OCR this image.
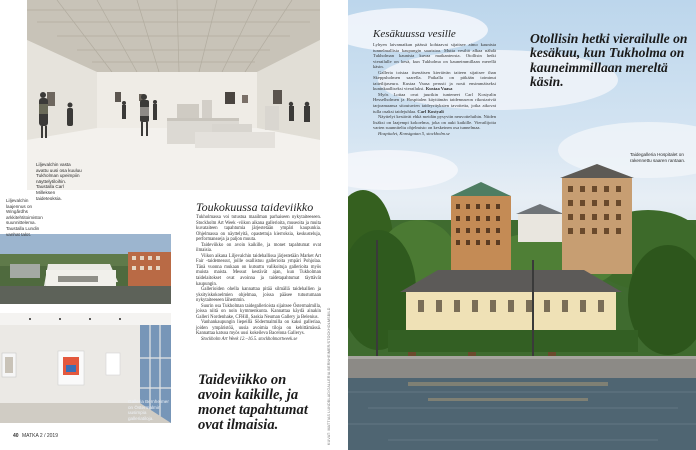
Liljevalchin vasta avattu uusi osa kuuluu Tukholman upeimpiin näyttelytiloihin. Taustalla Carl Milleksen taideteoksia.
Liljevalchin laajennus on Wingårdhs arkkitehtitoimiston suunnittelema. Taustalla Lundin vanhat talot.
Galleria Bernheimer on Östermalmin uusimpia galleriatiloja.
Toukokuussa taideviikko

Tukholmassa voi tutustua maailman parhaiseen nykytaiteeseen. Stockholm Art Week -viikon aikana gallerioita, museoita ja muita kuvataiteen tapahtumia järjestetään ympäri kaupunkia. Ohjelmassa on näyttelyitä, opastettuja kierroksia, keskusteluja, performansseja ja paljon muuta.

Taideviikko on avoin kaikille, ja monet tapahtumat ovat ilmaisia.

Viikon aikana Liljevalchin taidehallissa järjestetään Market Art Fair -taidemessut, joille osallistuu gallerioita ympäri Pohjolaa. Tänä vuonna mukaan on kutsuttu valikoituja gallerioita myös muista maista. Messut kestävät ajan, kun Tukholman taidelaitokset ovat avoinna ja taidetapahtumat täyttävät kaupungin.

Gallerioiden ohella kannattaa pitää silmällä taidehallien ja yksityiskokoelmien ohjelmaa, joissa pääsee tutustumaan nykytaiteeseen lähemmin.

Suurin osa Tukholman taidegallerioista sijaitsee Östermalmilla, joissa niitä on noin kymmenkunta. Kannattaa käydä ainakin Galleri Nordenhake, CFHill, Saskia Neuman Gallery ja Belenius.

Vanhankaupungin liepeillä Södermalmilla on kaksi galleriaa, joiden ympäristöä, uusia avoimia tiloja on kehittämässä. Kannattaa katsoa myös uusi kokeileva Bacelona Gallerys.

Stockholm Art Week 12.–16.5. stockholmartweek.se

Taideviikko on avoin kaikille, ja monet tapahtumat ovat ilmaisia.
40 MATKA 2 / 2019	KUVAT: MATTIAS LUNDBLAD/GALLERIA BERNHEIMER/STOCKHOLMSBILD
Kesäkuussa vesille

Lyhyen laivamatkan päässä kohtaavat sijaitsee aimo kaunista tunnelmallisia kaupungin saaristoa. Mutta vesiltä alkaa nähdä Tukholman kaunista kuvaa matkanteosta. Otollisin hetki vierailulle on kesä, kun Tukholma on kauneimmillaan merellä käsin.

Galleria toistaa itsenäisen kiertävän taiteen sijaitsee ihan Skeppsholmen saarella. Paikalla on pitkään toiminut taiteilijaseura. Kustaa Vaasa perusti ja nosti ensimmäiseksi kuninkaalliseksi vierailuksi. Kustaa Vaasa

Myös Lottaa ovat juurikin tunteneet Carl Kostyalin Hesselholmen ja Hospitalen käyttämän taidemuseon rikostariviä tarjoamaansa sitoutuvien taideyrityksien tavoitetta, jotka aikovat tulla osaksi taidejuhlaa. Carl Kostyali

Näyttelyt kestävät ehkä meidän pysyviin neuvotteluihin. Niiden lisäksi on laajempi kokoelma, joka on auki kaikille. Vierailijoita varten suunniteltu ohjelmisto on keskeinen osa tunnelmaa.

Hospitalet, Konstgatan 5, stockholm.se

Otollisin hetki vierailulle on kesäkuu, kun Tukholma on kauneimmillaan mereltä käsin.
Taidegalleria Hospitalet on rakennettu saaren rantaan.
